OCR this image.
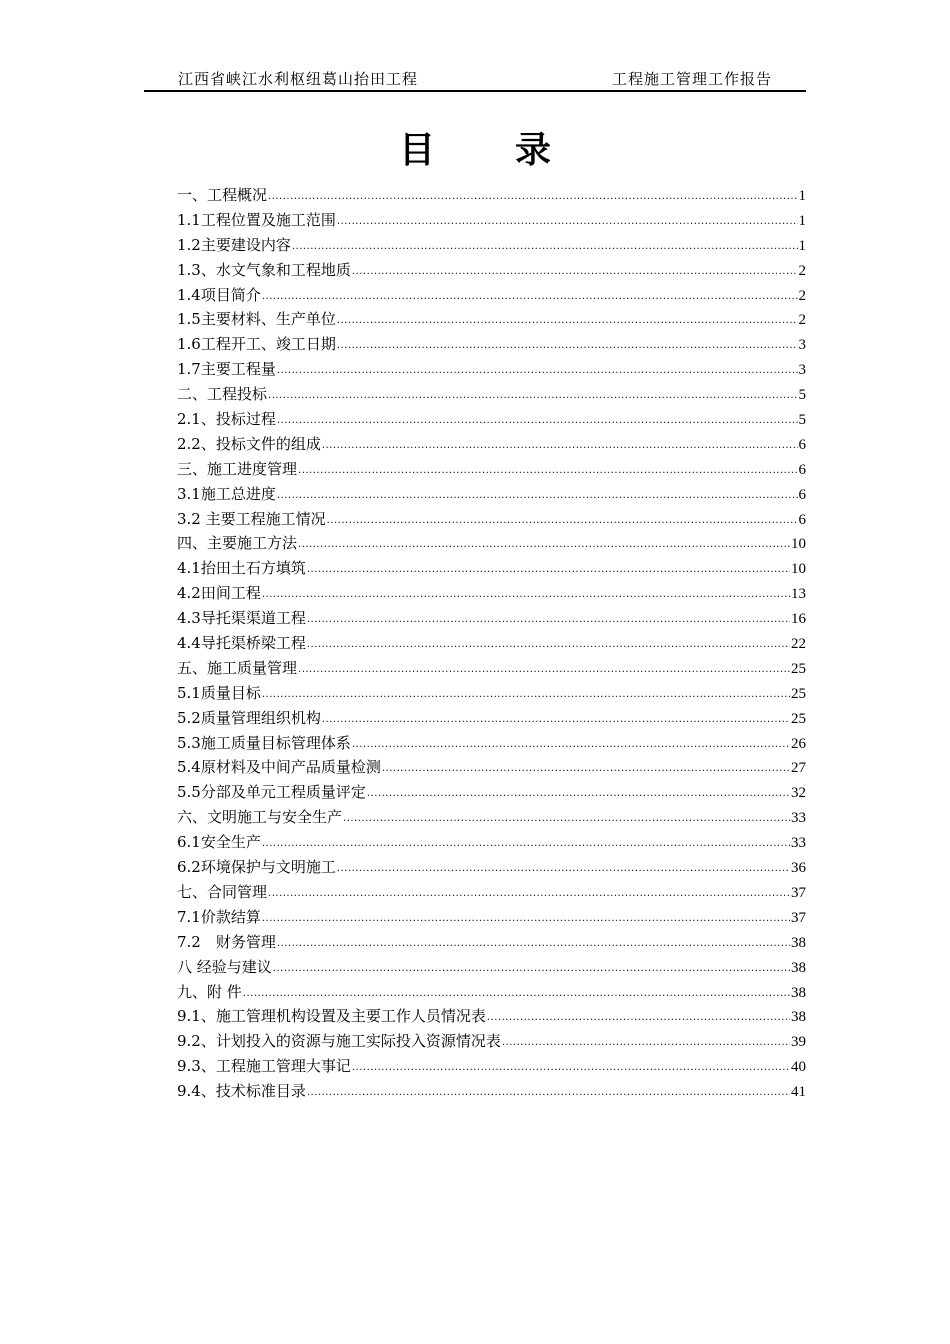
江西省峡江水利枢纽葛山抬田工程	工程施工管理工作报告
目 录
一、工程概况 .....	1
1.1工程位置及施工范围 .....	1
1.2主要建设内容 .....	1
1.3、水文气象和工程地质 .....	2
1.4项目简介 .....	2
1.5主要材料、生产单位 .....	2
1.6工程开工、竣工日期 .....	3
1.7主要工程量 .....	3
二、工程投标 .....	5
2.1、投标过程 .....	5
2.2、投标文件的组成 .....	6
三、施工进度管理 .....	6
3.1施工总进度 .....	6
3.2 主要工程施工情况 .....	6
四、主要施工方法 .....	10
4.1抬田土石方填筑 .....	10
4.2田间工程 .....	13
4.3导托渠渠道工程 .....	16
4.4导托渠桥梁工程 .....	22
五、施工质量管理 .....	25
5.1质量目标 .....	25
5.2质量管理组织机构 .....	25
5.3施工质量目标管理体系 .....	26
5.4原材料及中间产品质量检测 .....	27
5.5分部及单元工程质量评定 .....	32
六、文明施工与安全生产 .....	33
6.1安全生产 .....	33
6.2环境保护与文明施工 .....	36
七、合同管理 .....	37
7.1价款结算 .....	37
7.2　财务管理 .....	38
八 经验与建议 .....	38
九、附 件 .....	38
9.1、施工管理机构设置及主要工作人员情况表 .....	38
9.2、计划投入的资源与施工实际投入资源情况表 .....	39
9.3、工程施工管理大事记 .....	40
9.4、技术标准目录 .....	41
